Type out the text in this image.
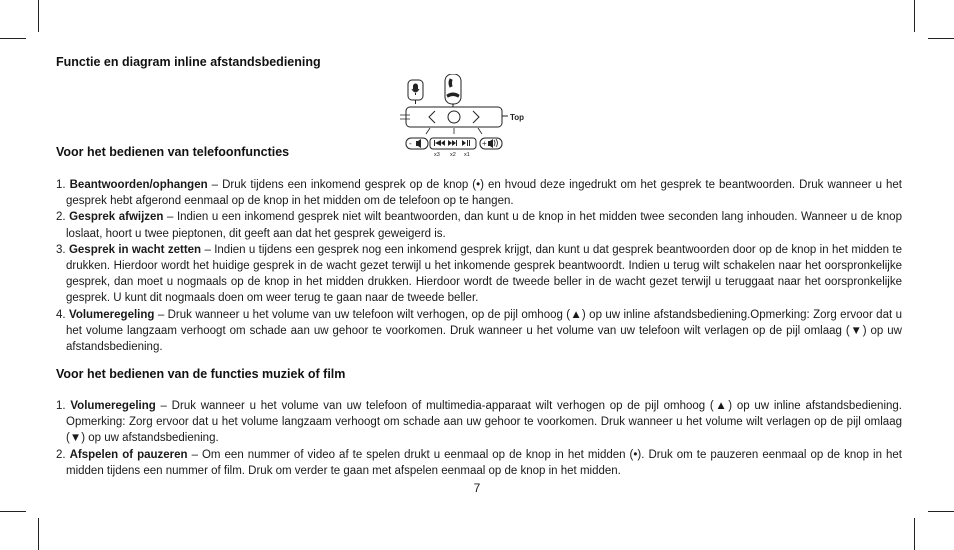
Functie en diagram inline afstandsbediening
Top
-	+
x3 x2 x1
Voor het bedienen van telefoonfuncties
1. Beantwoorden/ophangen – Druk tijdens een inkomend gesprek op de knop (•) en hvoud deze ingedrukt om het gesprek te beantwoorden. Druk wanneer u het gesprek hebt afgerond eenmaal op de knop in het midden om de telefoon op te hangen.
2. Gesprek afwijzen – Indien u een inkomend gesprek niet wilt beantwoorden, dan kunt u de knop in het midden twee seconden lang inhouden. Wanneer u de knop loslaat, hoort u twee pieptonen, dit geeft aan dat het gesprek geweigerd is.
3. Gesprek in wacht zetten – Indien u tijdens een gesprek nog een inkomend gesprek krijgt, dan kunt u dat gesprek beantwoorden door op de knop in het midden te drukken. Hierdoor wordt het huidige gesprek in de wacht gezet terwijl u het inkomende gesprek beantwoordt. Indien u terug wilt schakelen naar het oorspronkelijke gesprek, dan moet u nogmaals op de knop in het midden drukken. Hierdoor wordt de tweede beller in de wacht gezet terwijl u teruggaat naar het oorspronkelijke gesprek. U kunt dit nogmaals doen om weer terug te gaan naar de tweede beller.
4. Volumeregeling – Druk wanneer u het volume van uw telefoon wilt verhogen, op de pijl omhoog (▲) op uw inline afstandsbediening.Opmerking: Zorg ervoor dat u het volume langzaam verhoogt om schade aan uw gehoor te voorkomen. Druk wanneer u het volume van uw telefoon wilt verlagen op de pijl omlaag (▼) op uw afstandsbediening.
Voor het bedienen van de functies muziek of film
1. Volumeregeling – Druk wanneer u het volume van uw telefoon of multimedia-apparaat wilt verhogen op de pijl omhoog (▲) op uw inline afstandsbediening. Opmerking: Zorg ervoor dat u het volume langzaam verhoogt om schade aan uw gehoor te voorkomen. Druk wanneer u het volume wilt verlagen op de pijl omlaag (▼) op uw afstandsbediening.
2. Afspelen of pauzeren – Om een nummer of video af te spelen drukt u eenmaal op de knop in het midden (•). Druk om te pauzeren eenmaal op de knop in het midden tijdens een nummer of film. Druk om verder te gaan met afspelen eenmaal op de knop in het midden.
7
